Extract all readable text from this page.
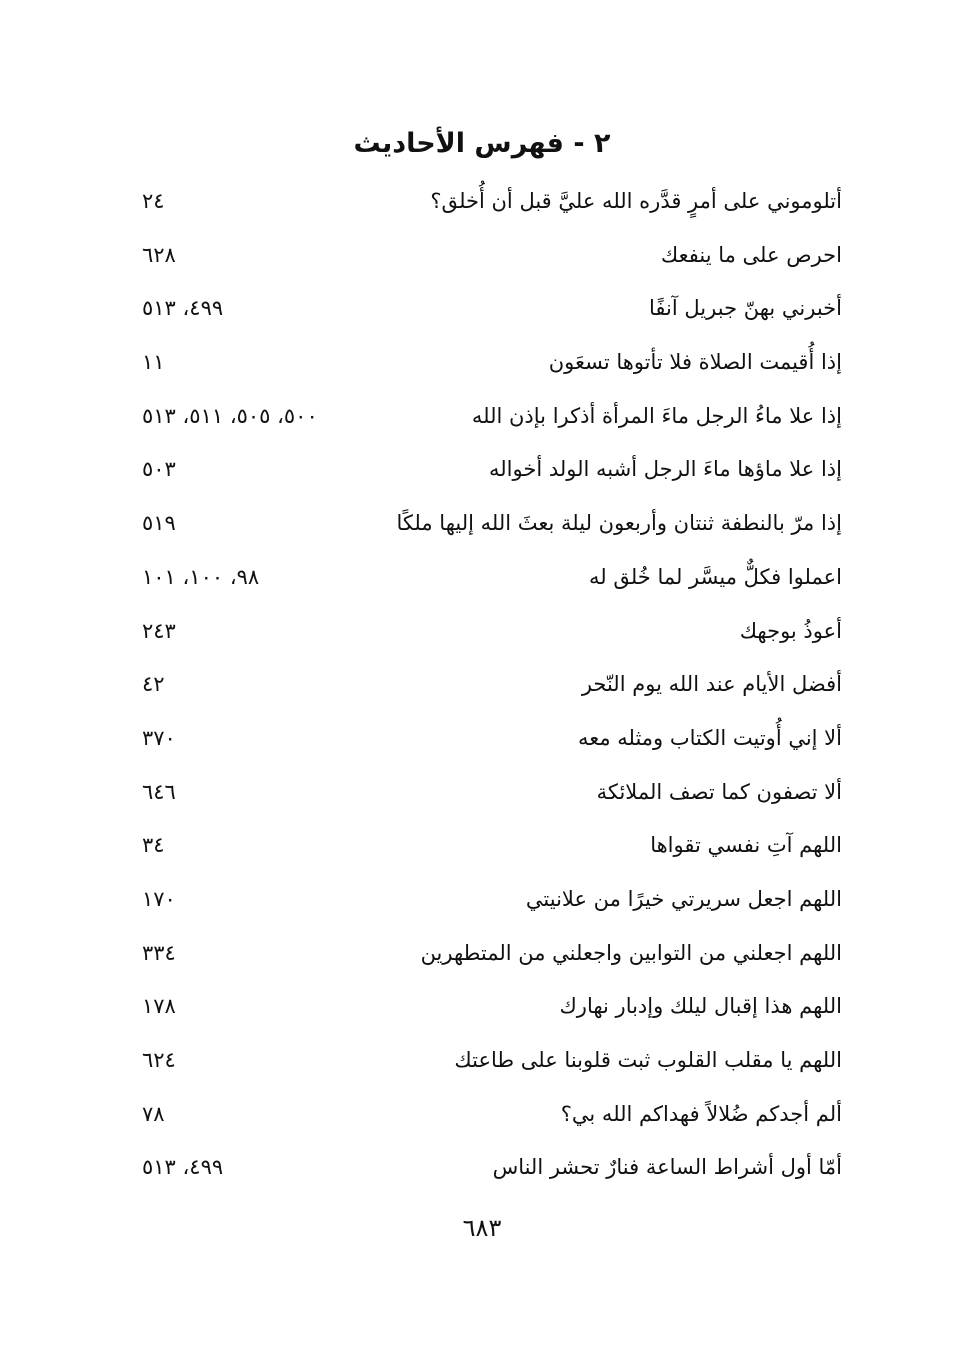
٢ - فهرس الأحاديث
أتلوموني على أمرٍ قدَّره الله عليَّ قبل أن أُخلق؟
٢٤
احرص على ما ينفعك
٦٢٨
أخبرني بهنّ جبريل آنفًا
٤٩٩، ٥١٣
إذا أُقيمت الصلاة فلا تأتوها تسعَون
١١
إذا علا ماءُ الرجل ماءَ المرأة أذكرا بإذن الله
٥٠٠، ٥٠٥، ٥١١، ٥١٣
إذا علا ماؤها ماءَ الرجل أشبه الولد أخواله
٥٠٣
إذا مرّ بالنطفة ثنتان وأربعون ليلة بعثَ الله إليها ملكًا
٥١٩
اعملوا فكلٌّ ميسَّر لما خُلق له
٩٨، ١٠٠، ١٠١
أعوذُ بوجهك
٢٤٣
أفضل الأيام عند الله يوم النّحر
٤٢
ألا إني أُوتيت الكتاب ومثله معه
٣٧٠
ألا تصفون كما تصف الملائكة
٦٤٦
اللهم آتِ نفسي تقواها
٣٤
اللهم اجعل سريرتي خيرًا من علانيتي
١٧٠
اللهم اجعلني من التوابين واجعلني من المتطهرين
٣٣٤
اللهم هذا إقبال ليلك وإدبار نهارك
١٧٨
اللهم يا مقلب القلوب ثبت قلوبنا على طاعتك
٦٢٤
ألم أجدكم ضُلالاً فهداكم الله بي؟
٧٨
أمّا أول أشراط الساعة فنارٌ تحشر الناس
٤٩٩، ٥١٣
٦٨٣
